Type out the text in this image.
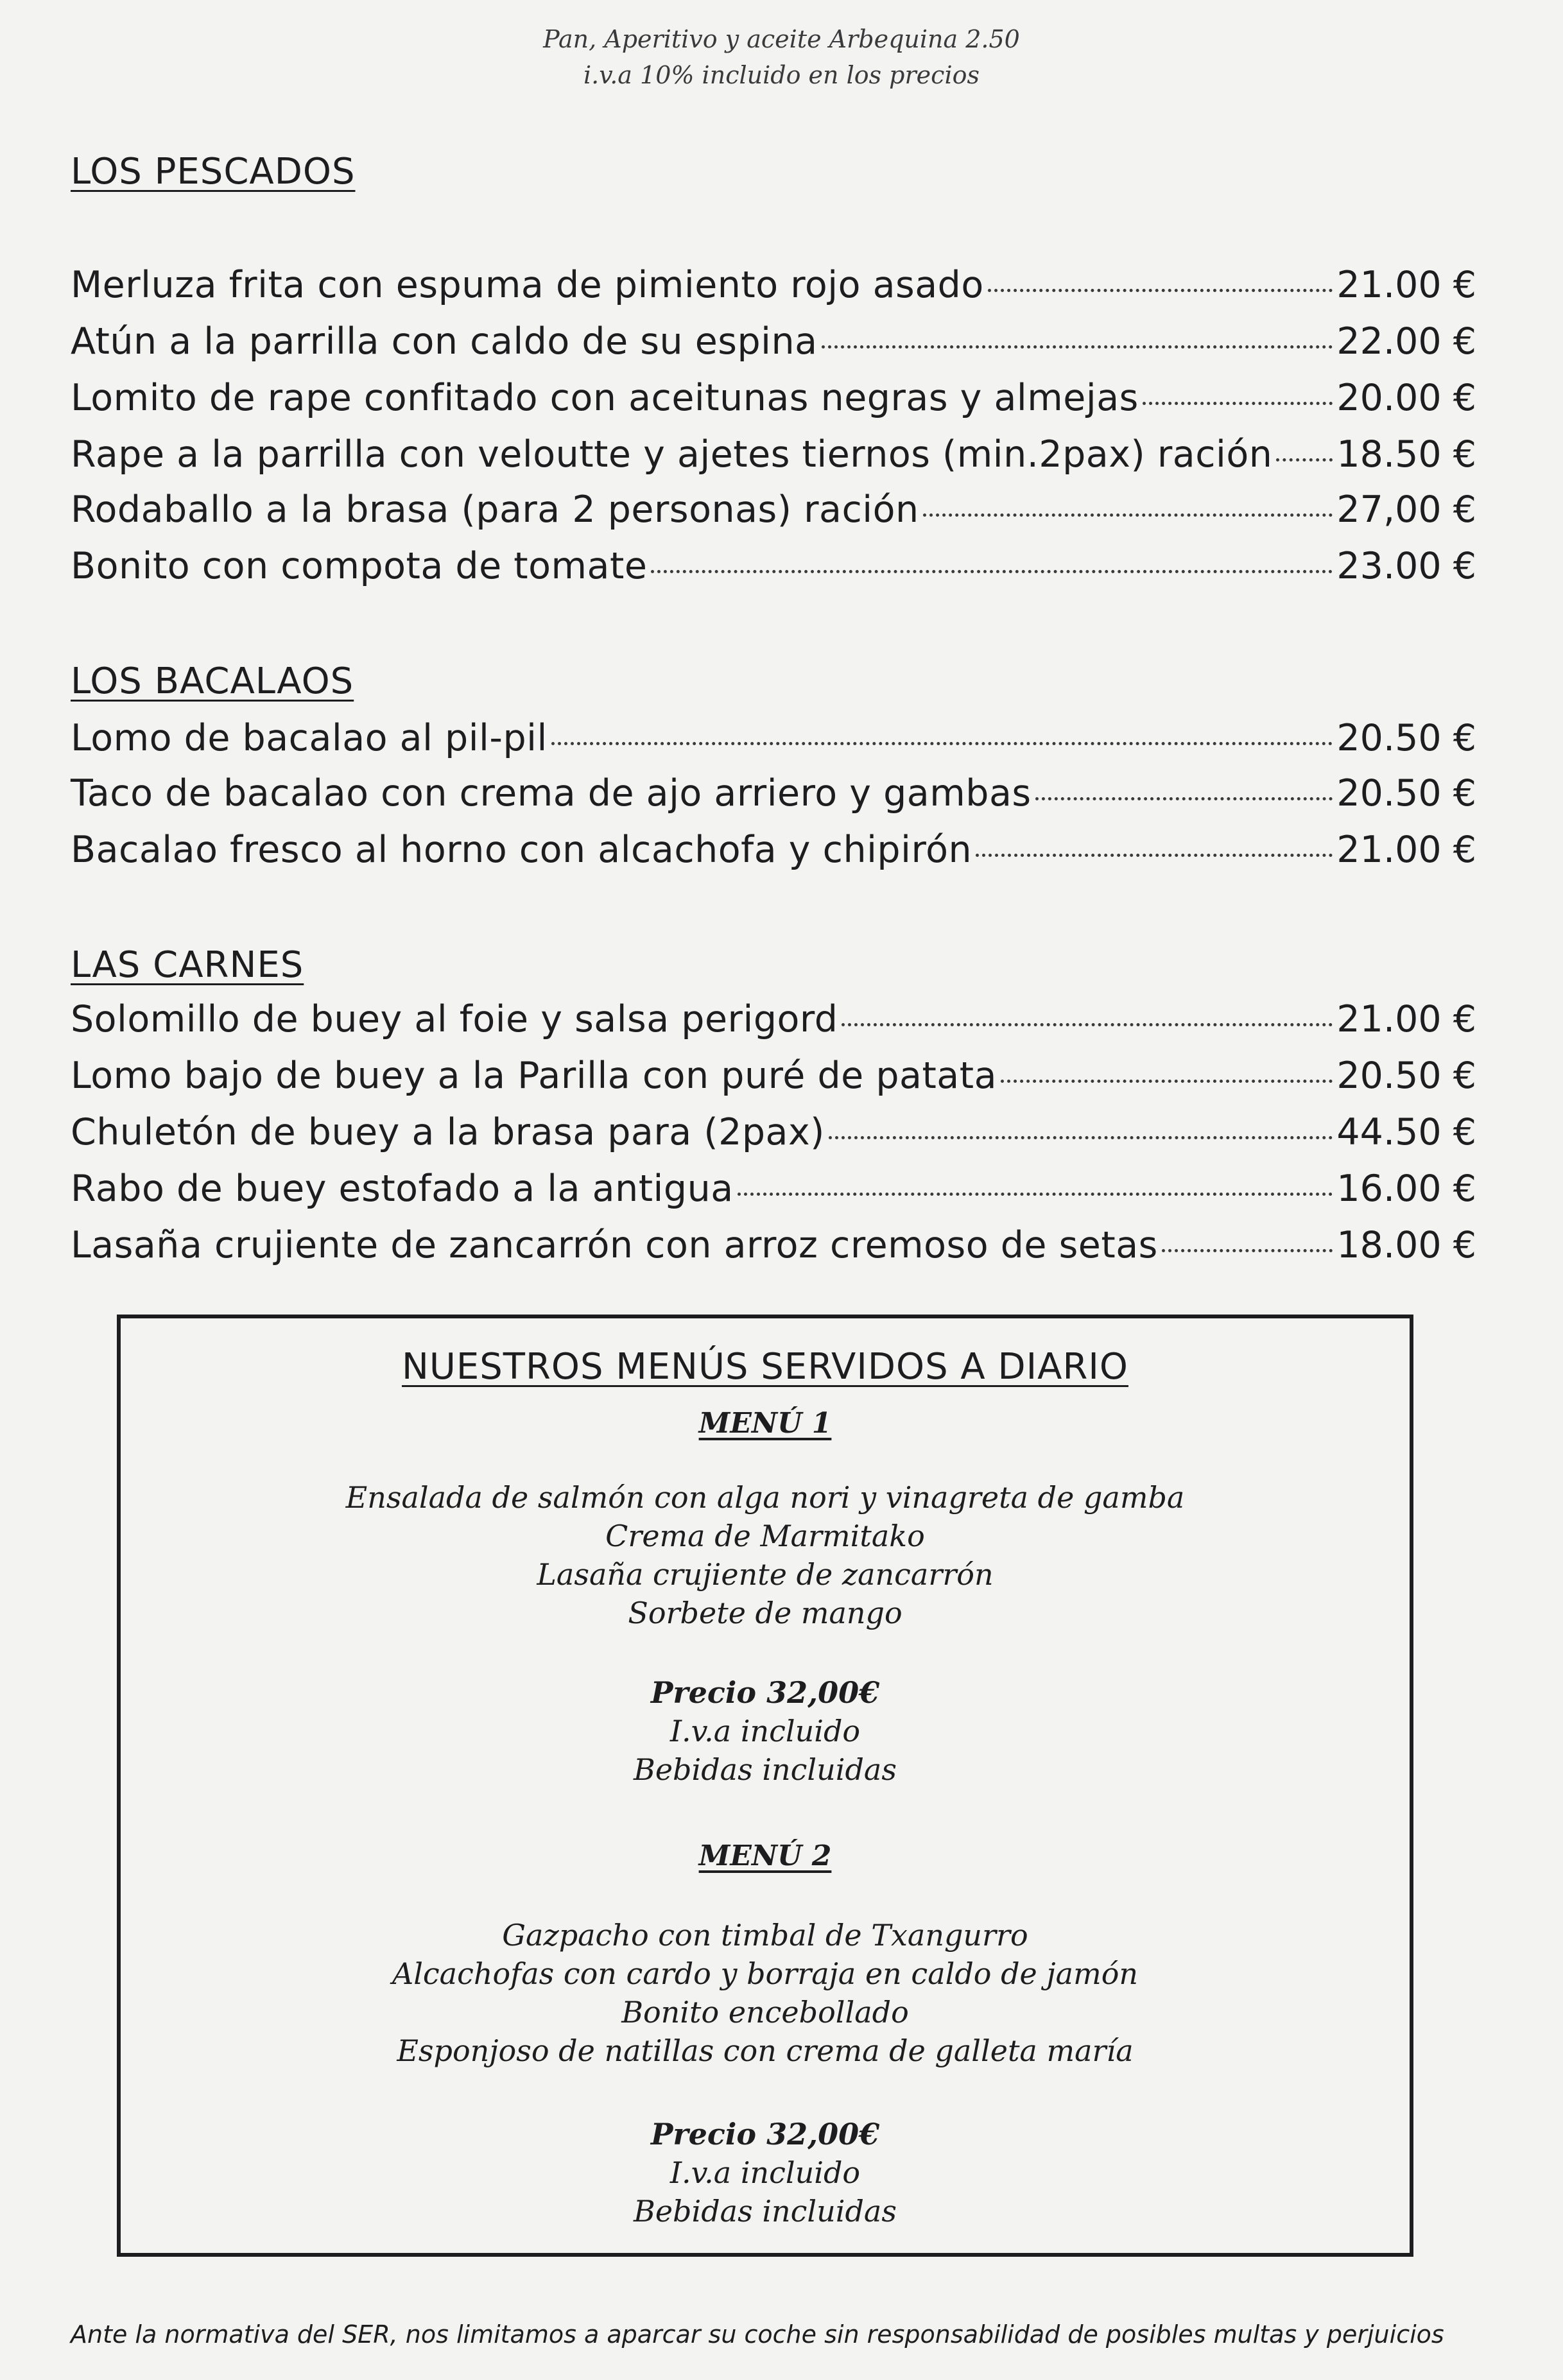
Pan, Aperitivo y aceite Arbequina 2.50
i.v.a 10% incluido en los precios
LOS PESCADOS
Merluza frita con espuma de pimiento rojo asado	21.00 €
Atún a la parrilla con caldo de su espina	22.00 €
Lomito de rape confitado con aceitunas negras y almejas	20.00 €
Rape a la parrilla con veloutte y ajetes tiernos (min.2pax) ración 18.50 €
Rodaballo a la brasa (para 2 personas) ración	27,00 €
Bonito con compota de tomate	23.00 €
LOS BACALAOS
Lomo de bacalao al pil-pil	20.50 €
Taco de bacalao con crema de ajo arriero y gambas	20.50 €
Bacalao fresco al horno con alcachofa y chipirón	21.00 €
LAS CARNES
Solomillo de buey al foie y salsa perigord	21.00 €
Lomo bajo de buey a la Parilla con puré de patata	20.50 €
Chuletón de buey a la brasa para (2pax)	44.50 €
Rabo de buey estofado a la antigua	16.00 €
Lasaña crujiente de zancarrón con arroz cremoso de setas	18.00 €
NUESTROS MENÚS SERVIDOS A DIARIO
MENÚ 1
Ensalada de salmón con alga nori y vinagreta de gamba
Crema de Marmitako
Lasaña crujiente de zancarrón
Sorbete de mango
Precio 32,00€
I.v.a incluido
Bebidas incluidas
MENÚ 2
Gazpacho con timbal de Txangurro
Alcachofas con cardo y borraja en caldo de jamón
Bonito encebollado
Esponjoso de natillas con crema de galleta maría
Precio 32,00€
I.v.a incluido
Bebidas incluidas
Ante la normativa del SER, nos limitamos a aparcar su coche sin responsabilidad de posibles multas y perjuicios
